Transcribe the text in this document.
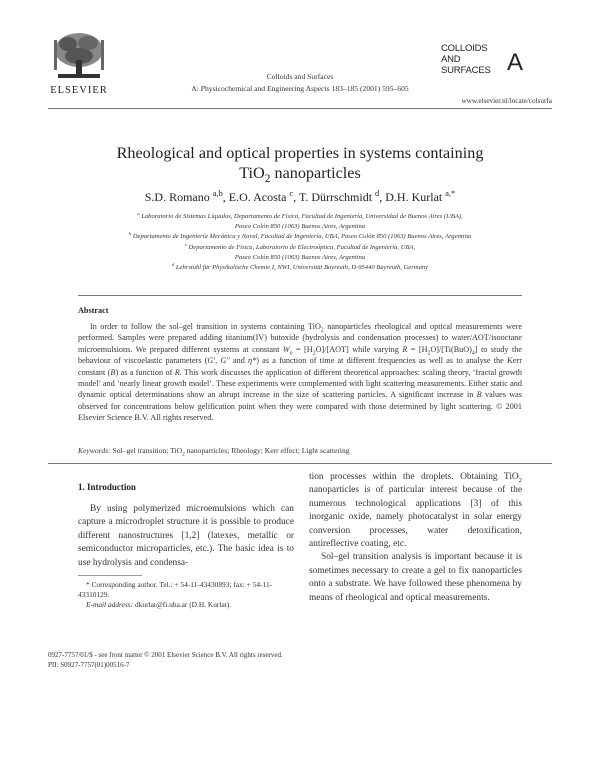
ELSEVIER
Colloids and Surfaces
A: Physicochemical and Engineering Aspects 183–185 (2001) 595–605
COLLOIDS
AND
SURFACES A
www.elsevier.nl/locate/colsurfa
Rheological and optical properties in systems containing
TiO$_2$ nanoparticles
S.D. Romano $^{a,b}$, E.O. Acosta $^c$, T. Dürrschmidt $^d$, D.H. Kurlat $^{a,*}$
$^a$ Laboratorio de Sistemas Líquidos, Departamento de Física, Facultad de Ingeniería, Universidad de Buenos Aires (UBA),
Paseo Colón 850 (1063) Buenos Aires, Argentina
$^b$ Departamento de Ingeniería Mecánica y Naval, Facultad de Ingeniería, UBA, Paseo Colón 850 (1063) Buenos Aires, Argentina
$^c$ Departamento de Física, Laboratorio de Electroóptica, Facultad de Ingeniería, UBA,
Paseo Colón 850 (1063) Buenos Aires, Argentina
$^d$ Lehrstuhl für Physikalische Chemie I, NWI, Universität Bayreuth, D-95440 Bayreuth, Germany
Abstract
In order to follow the sol–gel transition in systems containing TiO$_2$ nanoparticles rheological and optical measurements were performed. Samples were prepared adding titanium(IV) butoxide (hydrolysis and condensation processes) to water/AOT/isooctane microemulsions. We prepared different systems at constant $W_o = [H_2O]/[AOT]$ while varying $R = [H_2O]/[Ti(BuO)_4]$ to study the behaviour of viscoelastic parameters (G′, G″ and η*) as a function of time at different frequencies as well as to analyse the Kerr constant (B) as a function of R. This work discusses the application of different theoretical approaches: scaling theory, ‘fractal growth model’ and ‘nearly linear growth model’. These experiments were complemented with light scattering measurements. Either static and dynamic optical determinations show an abrupt increase in the size of scattering particles. A significant increase in B values was observed for concentrations below gelification point when they were compared with those determined by light scattering. © 2001 Elsevier Science B.V. All rights reserved.
Keywords: Sol–gel transition; TiO$_2$ nanoparticles; Rheology; Kerr effect; Light scattering
1. Introduction

By using polymerized microemulsions which can capture a microdroplet structure it is possible to produce different nanostructures [1,2] (latexes, metallic or semiconductor microparticles, etc.). The basic idea is to use hydrolysis and condensa-

* Corresponding author. Tel.: + 54-11-43430893; fax: + 54-11-43310129.
E-mail address: dkurlat@fi.uba.ar (D.H. Kurlat).

tion processes within the droplets. Obtaining TiO$_2$ nanoparticles is of particular interest because of the numerous technological applications [3] of this inorganic oxide, namely photocatalyst in solar energy conversion processes, water detoxification, antireflective coating, etc.

Sol–gel transition analysis is important because it is sometimes necessary to create a gel to fix nanoparticles onto a substrate. We have followed these phenomena by means of rheological and optical measurements.

0927-7757/01/$ - see front matter © 2001 Elsevier Science B.V. All rights reserved.
PII: S0927-7757(01)00516-7
